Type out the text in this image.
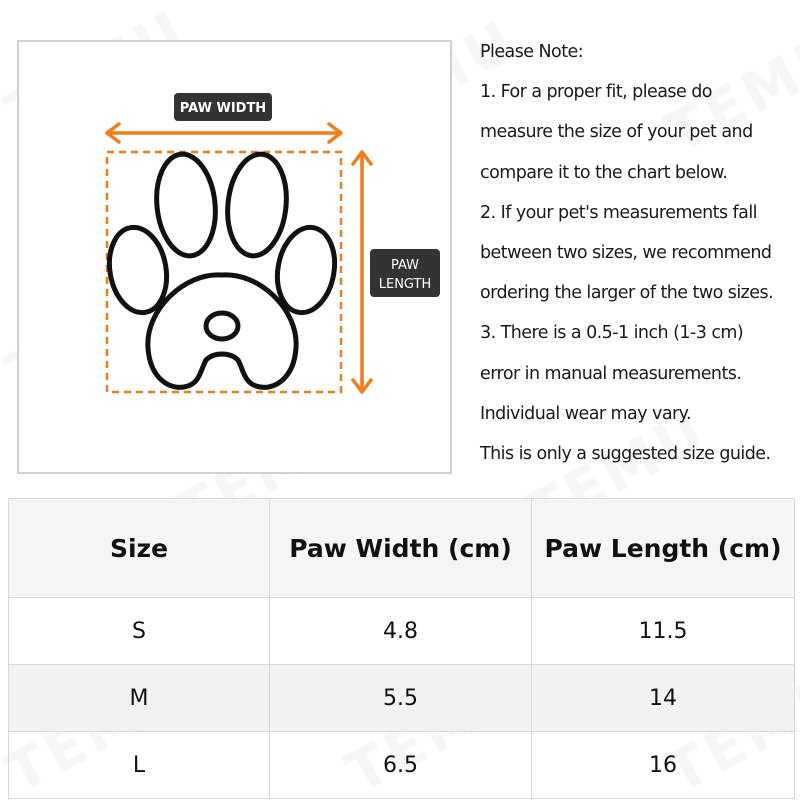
PAW WIDTH
PAW
LENGTH
Please Note:
1. For a proper fit, please do
measure the size of your pet and
compare it to the chart below.
2. If your pet's measurements fall
between two sizes, we recommend
ordering the larger of the two sizes.
3. There is a 0.5-1 inch (1-3 cm)
error in manual measurements.
Individual wear may vary.
This is only a suggested size guide.
Size	Paw Width (cm)	Paw Length (cm)
S	4.8	11.5
M	5.5	14
L	6.5	16
